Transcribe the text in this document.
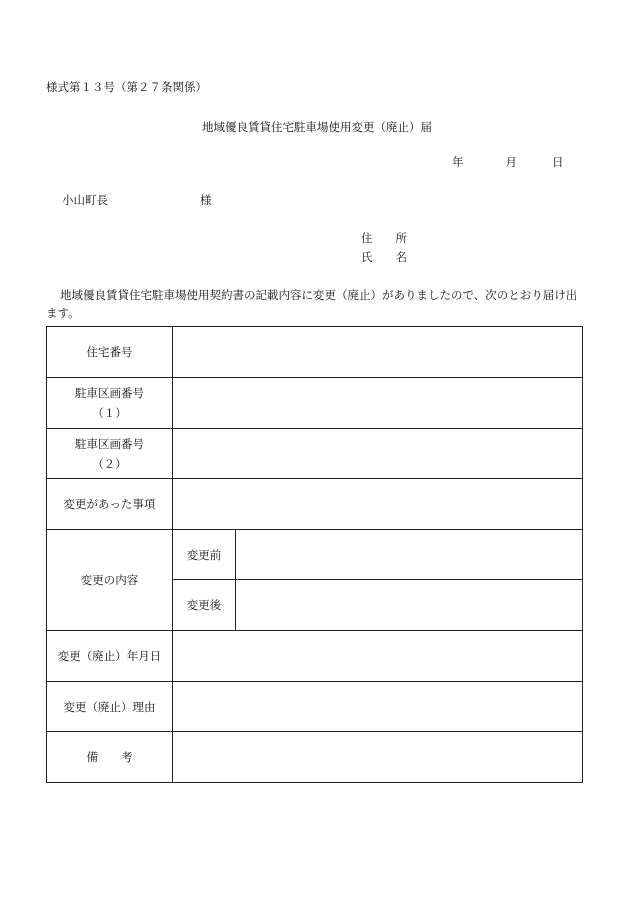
様式第１３号（第２７条関係）
地域優良賃貸住宅駐車場使用変更（廃止）届
年	月	日
小山町長	様
住　　所
氏　　名
地域優良賃貸住宅駐車場使用契約書の記載内容に変更（廃止）がありましたので、次のとおり届け出ます。
住宅番号		

駐車区画番号
（１）		

駐車区画番号
（２）		

変更があった事項		
変更の内容	変更前	
	変更後	
変更（廃止）年月日		
変更（廃止）理由		
備　　考		
